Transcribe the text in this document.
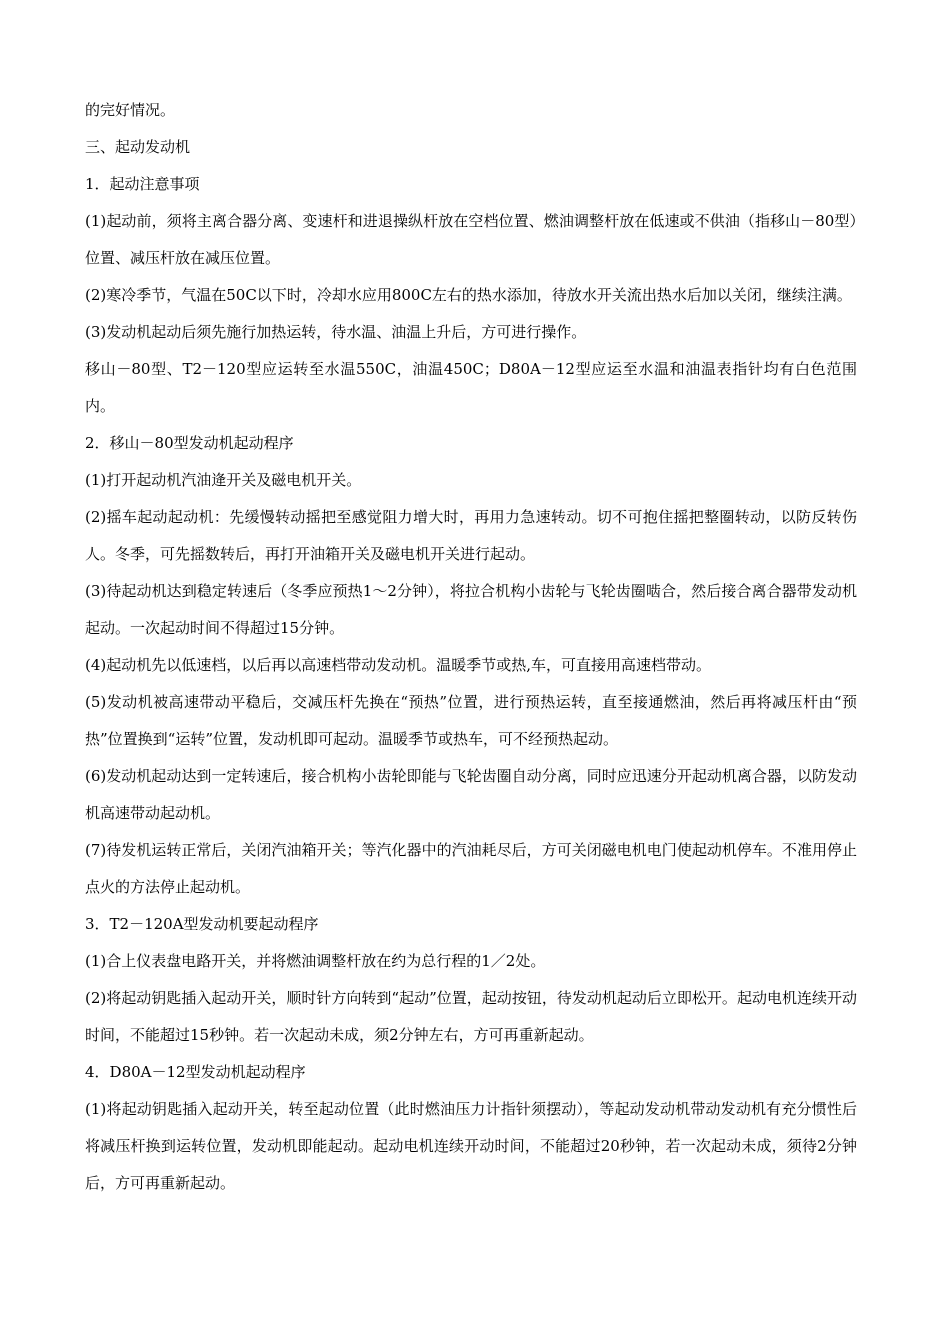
的完好情况。

三、起动发动机

1．起动注意事项

(1)起动前，须将主离合器分离、变速杆和进退操纵杆放在空档位置、燃油调整杆放在低速或不供油（指移山－80型）位置、减压杆放在减压位置。

(2)寒冷季节，气温在50C以下时，冷却水应用800C左右的热水添加，待放水开关流出热水后加以关闭，继续注满。

(3)发动机起动后须先施行加热运转，待水温、油温上升后，方可进行操作。

移山－80型、T2－120型应运转至水温550C，油温450C；D80A－12型应运至水温和油温表指针均有白色范围内。

2．移山－80型发动机起动程序

(1)打开起动机汽油逄开关及磁电机开关。

(2)摇车起动起动机：先缓慢转动摇把至感觉阻力增大时，再用力急速转动。切不可抱住摇把整圈转动，以防反转伤人。冬季，可先摇数转后，再打开油箱开关及磁电机开关进行起动。

(3)待起动机达到稳定转速后（冬季应预热1～2分钟），将拉合机构小齿轮与飞轮齿圈啮合，然后接合离合器带发动机起动。一次起动时间不得超过15分钟。

(4)起动机先以低速档，以后再以高速档带动发动机。温暖季节或热,车，可直接用高速档带动。

(5)发动机被高速带动平稳后，交减压杆先换在“预热”位置，进行预热运转，直至接通燃油，然后再将减压杆由“预热”位置换到“运转”位置，发动机即可起动。温暖季节或热车，可不经预热起动。

(6)发动机起动达到一定转速后，接合机构小齿轮即能与飞轮齿圈自动分离，同时应迅速分开起动机离合器，以防发动机高速带动起动机。

(7)待发机运转正常后，关闭汽油箱开关；等汽化器中的汽油耗尽后，方可关闭磁电机电门使起动机停车。不准用停止点火的方法停止起动机。

3．T2－120A型发动机要起动程序

(1)合上仪表盘电路开关，并将燃油调整杆放在约为总行程的1／2处。

(2)将起动钥匙插入起动开关，顺时针方向转到“起动”位置，起动按钮，待发动机起动后立即松开。起动电机连续开动时间，不能超过15秒钟。若一次起动未成，须2分钟左右，方可再重新起动。

4．D80A－12型发动机起动程序

(1)将起动钥匙插入起动开关，转至起动位置（此时燃油压力计指针须摆动），等起动发动机带动发动机有充分惯性后将减压杆换到运转位置，发动机即能起动。起动电机连续开动时间，不能超过20秒钟，若一次起动未成，须待2分钟后，方可再重新起动。
